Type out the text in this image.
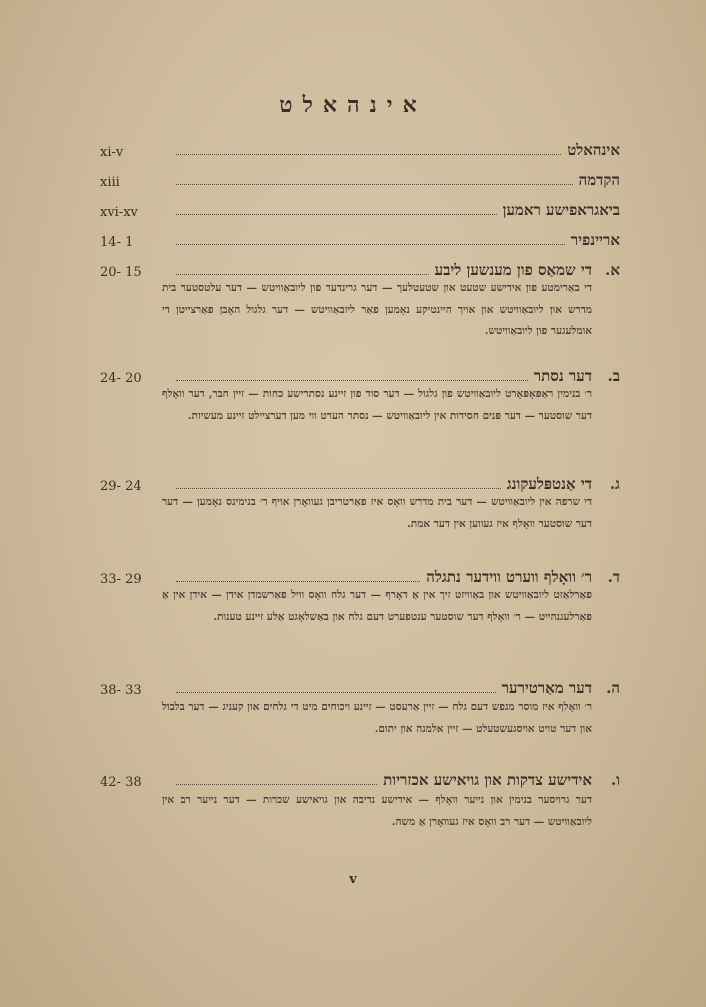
אינהאלט
xi-v	אינהאלט
xiii	הקדמה
xvi-xv	ביאגראפישע ראמען
14- 1	אריינפיר
20- 15	די שמאַס פון מענשען ליבע א.
די באַרימטע פון אידישע שטעט און שטעטלעך — דער גרינדער פון ליובאַוויטש — דער עלטסטער בית מדרש און ליובאַוויטש און אויך היינטיקע נאָמען פאַר ליובאַוויטש — דער גלגול האָבן פאַרצייטן די אומלעגער פון ליובאַוויטש.
24- 20	דער נסתר	ב.
ר׳ בנימין ראַפּאָפּאָרט ליובאַוויטש פון גלגול — דער סוד פון זיינע נסתרישע כחות — זיין חבר, דער וואָלף דער שוסטער — דער פּנים חסידות אין ליובאַוויטש — נסתר הערט ווי מען דערציילט זיינע מעשיות.
29- 24	די אַנטפּלעקונג	ג.
די שרפה אין ליובאַוויטש — דער בית מדרש וואָס איז פאַרטריבן געוואָרן אויף ר׳ בנימינס נאָמען — דער דער שוסטער וואָלף איז געווען אין דער אמת.
33- 29	ר׳ וואָלף ווערט ווידער נתגלה	ד.
פאַרלאַזט ליובאַוויטש און באַוויזט זיך אין אַ דאָרף — דער גלח וואָס וויל פאַרשמדן אידן — אידן אין אַ פאַרלעגנהייט — ר׳ וואָלף דער שוסטער ענטפערט דעם גלח און באַשלאָגט אַלע זיינע טענות.
38- 33	דער מאַרטירער ה.
ר׳ וואָלף איז מוסר מנפש דעם גלח — זיין אַרעסט — זיינע ויכוחים מיט די גלחים און קעניג — דער בלבול און דער טויט אויסגעשטעלט — זיין אלמנה און יתום.
42- 38	אידישע צדקות און גויאישע אכזריות	ו.
דער גרויסער בנימין און נייער וואָלף — אידישע נדיבה און גויאישע שכרות — דער נייער רב אין ליובאַוויטש — דער רב וואָס איז געוואָרן אַ משה.
v
